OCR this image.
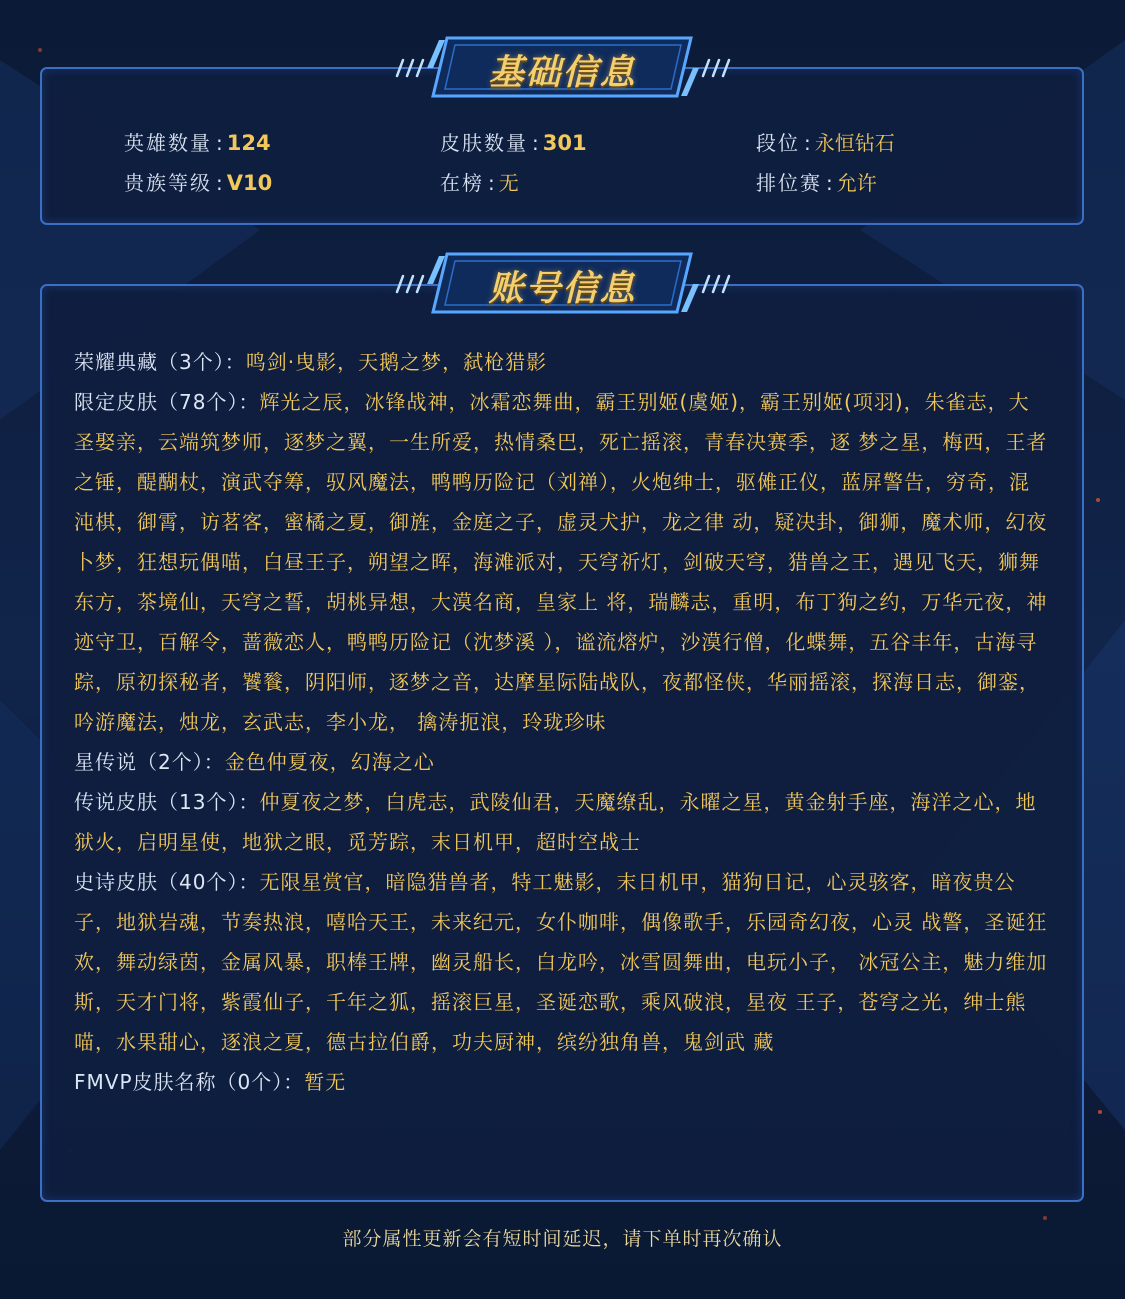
英雄数量 : 124	皮肤数量 : 301	段位 : 永恒钻石
贵族等级 : V10	在榜 : 无	排位赛 : 允许
基础信息

荣耀典藏（3个）：鸣剑·曳影，天鹅之梦，弑枪猎影

限定皮肤（78个）：辉光之辰，冰锋战神，冰霜恋舞曲，霸王别姬(虞姬)，霸王别姬(项羽)，朱雀志，大圣娶亲，云端筑梦师，逐梦之翼，一生所爱，热情桑巴，死亡摇滚，青春决赛季，逐 梦之星，梅西，王者之锤，醍醐杖，演武夺筹，驭风魔法，鸭鸭历险记（刘禅），火炮绅士，驱傩正仪，蓝屏警告，穷奇，混沌棋，御霄，访茗客，蜜橘之夏，御旌，金庭之子，虚灵犬护，龙之律 动，疑决卦，御狮，魔术师，幻夜卜梦，狂想玩偶喵，白昼王子，朔望之晖，海滩派对，天穹祈灯，剑破天穹，猎兽之王，遇见飞天，狮舞东方，茶境仙，天穹之誓，胡桃异想，大漠名商，皇家上 将，瑞麟志，重明，布丁狗之约，万华元夜，神迹守卫，百解令，蔷薇恋人，鸭鸭历险记（沈梦溪 ），谧流熔炉，沙漠行僧，化蝶舞，五谷丰年，古海寻踪，原初探秘者，饕餮，阴阳师，逐梦之音，达摩星际陆战队，夜都怪侠，华丽摇滚，探海日志，御銮，吟游魔法，烛龙，玄武志，李小龙， 擒涛扼浪，玲珑珍味

星传说（2个）：金色仲夏夜，幻海之心

传说皮肤（13个）：仲夏夜之梦，白虎志，武陵仙君，天魔缭乱，永曜之星，黄金射手座，海洋之心，地狱火，启明星使，地狱之眼，觅芳踪，末日机甲，超时空战士

史诗皮肤（40个）：无限星赏官，暗隐猎兽者，特工魅影，末日机甲，猫狗日记，心灵骇客，暗夜贵公子，地狱岩魂，节奏热浪，嘻哈天王，未来纪元，女仆咖啡，偶像歌手，乐园奇幻夜，心灵 战警，圣诞狂欢，舞动绿茵，金属风暴，职棒王牌，幽灵船长，白龙吟，冰雪圆舞曲，电玩小子， 冰冠公主，魅力维加斯，天才门将，紫霞仙子，千年之狐，摇滚巨星，圣诞恋歌，乘风破浪，星夜 王子，苍穹之光，绅士熊喵，水果甜心，逐浪之夏，德古拉伯爵，功夫厨神，缤纷独角兽，鬼剑武 藏

FMVP皮肤名称（0个）：暂无

账号信息
部分属性更新会有短时间延迟，请下单时再次确认
